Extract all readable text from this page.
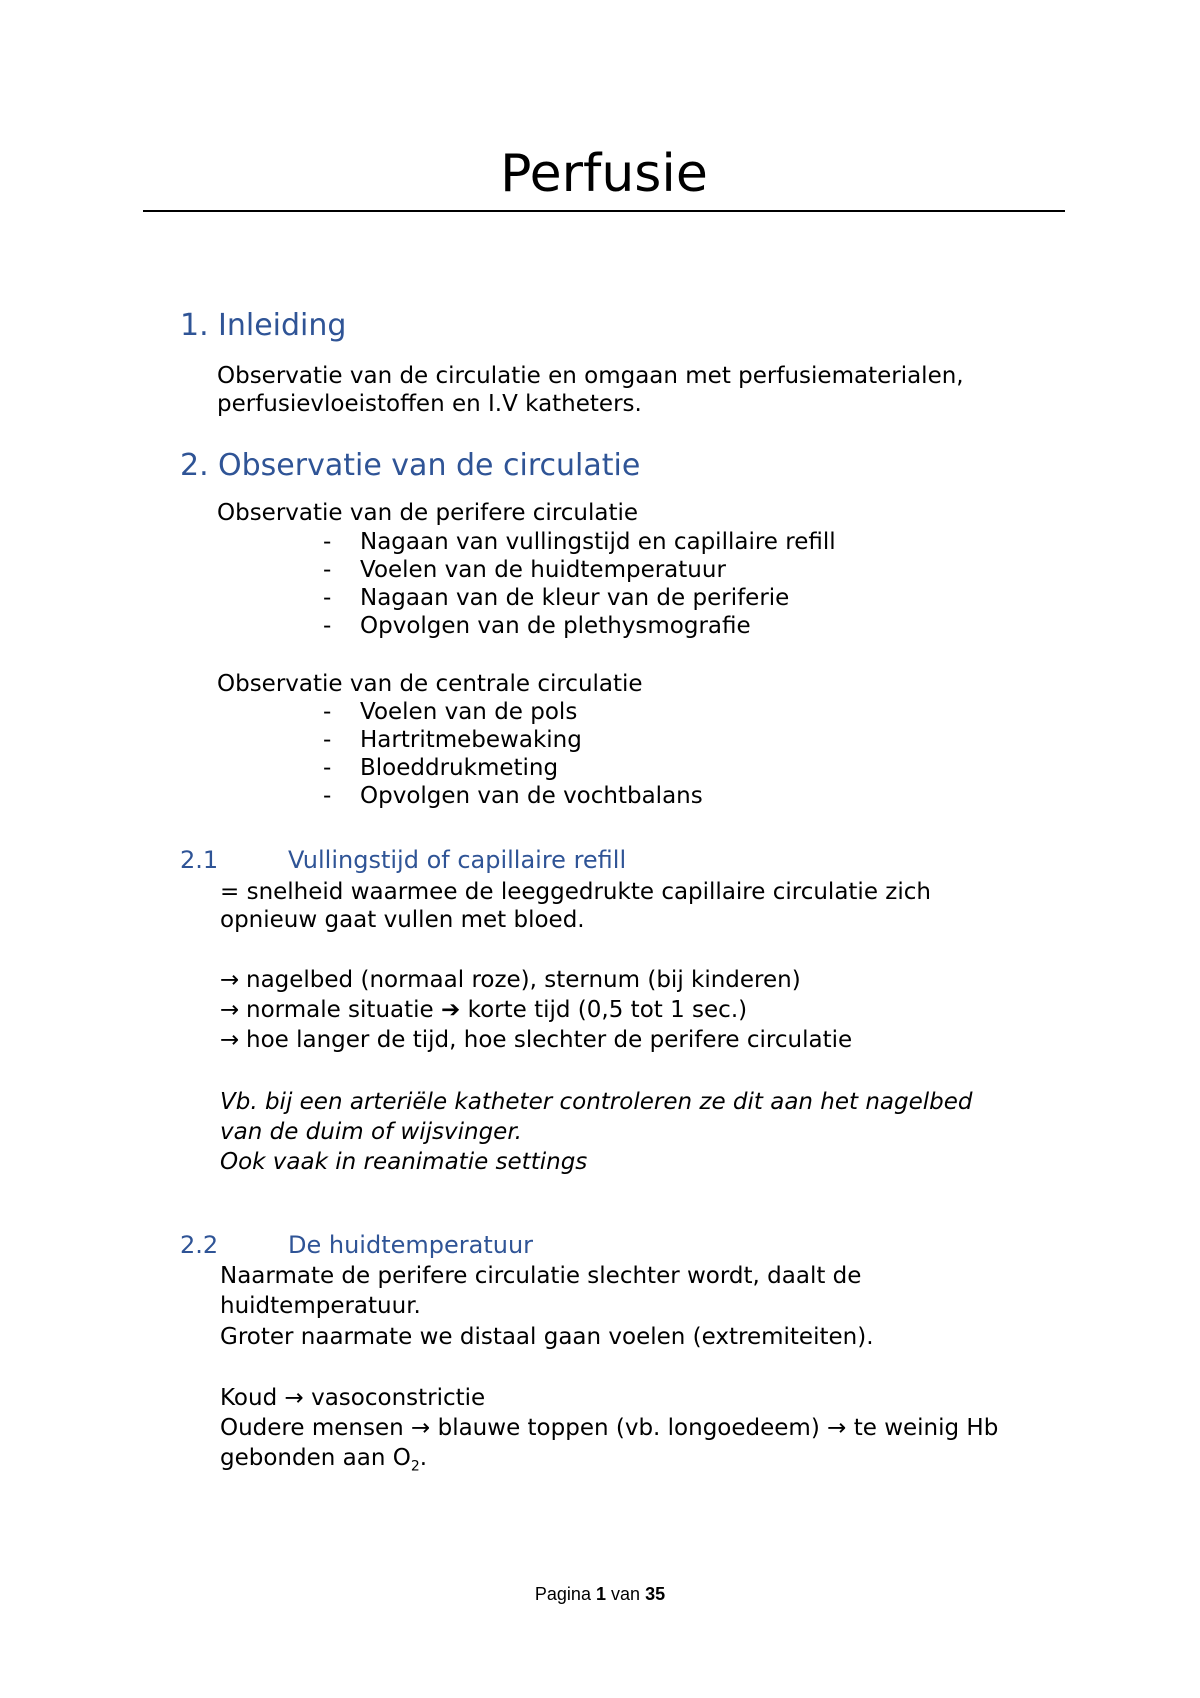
Perfusie
1. Inleiding

Observatie van de circulatie en omgaan met perfusiematerialen,

perfusievloeistoffen en I.V katheters.

2. Observatie van de circulatie

Observatie van de perifere circulatie

- Nagaan van vullingstijd en capillaire refill
- Voelen van de huidtemperatuur
- Nagaan van de kleur van de periferie
- Opvolgen van de plethysmografie

Observatie van de centrale circulatie

- Voelen van de pols
- Hartritmebewaking
- Bloeddrukmeting
- Opvolgen van de vochtbalans
2.1	Vullingstijd of capillaire refill

= snelheid waarmee de leeggedrukte capillaire circulatie zich

opnieuw gaat vullen met bloed.

→ nagelbed (normaal roze), sternum (bij kinderen)

→ normale situatie ➔ korte tijd (0,5 tot 1 sec.)

→ hoe langer de tijd, hoe slechter de perifere circulatie

Vb. bij een arteriële katheter controleren ze dit aan het nagelbed

van de duim of wijsvinger.

Ook vaak in reanimatie settings

2.2	De huidtemperatuur

Naarmate de perifere circulatie slechter wordt, daalt de

huidtemperatuur.

Groter naarmate we distaal gaan voelen (extremiteiten).

Koud → vasoconstrictie

Oudere mensen → blauwe toppen (vb. longoedeem) → te weinig Hb

gebonden aan $O_2$.

Pagina 1 van 35
